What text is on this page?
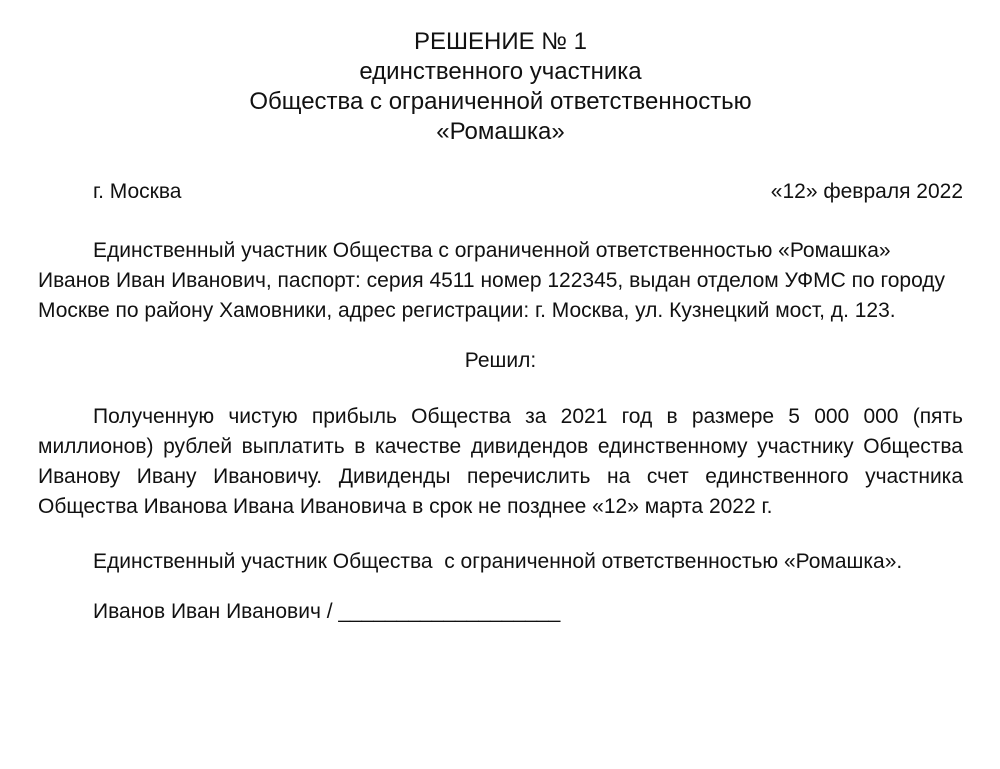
РЕШЕНИЕ № 1
единственного участника
Общества с ограниченной ответственностью
«Ромашка»
г. Москва	«12» февраля 2022

Единственный участник Общества с ограниченной ответственностью «Ромашка» Иванов Иван Иванович, паспорт: серия 4511 номер 122345, выдан отделом УФМС по городу Москве по району Хамовники, адрес регистрации: г. Москва, ул. Кузнецкий мост, д. 123.

Решил:

Полученную чистую прибыль Общества за 2021 год в размере 5 000 000 (пять миллионов) рублей выплатить в качестве дивидендов единственному участнику Общества Иванову Ивану Ивановичу. Дивиденды перечислить на счет единственного участника Общества Иванова Ивана Ивановича в срок не позднее «12» марта 2022 г.

Единственный участник Общества  с ограниченной ответственностью «Ромашка».

Иванов Иван Иванович / ___________________
